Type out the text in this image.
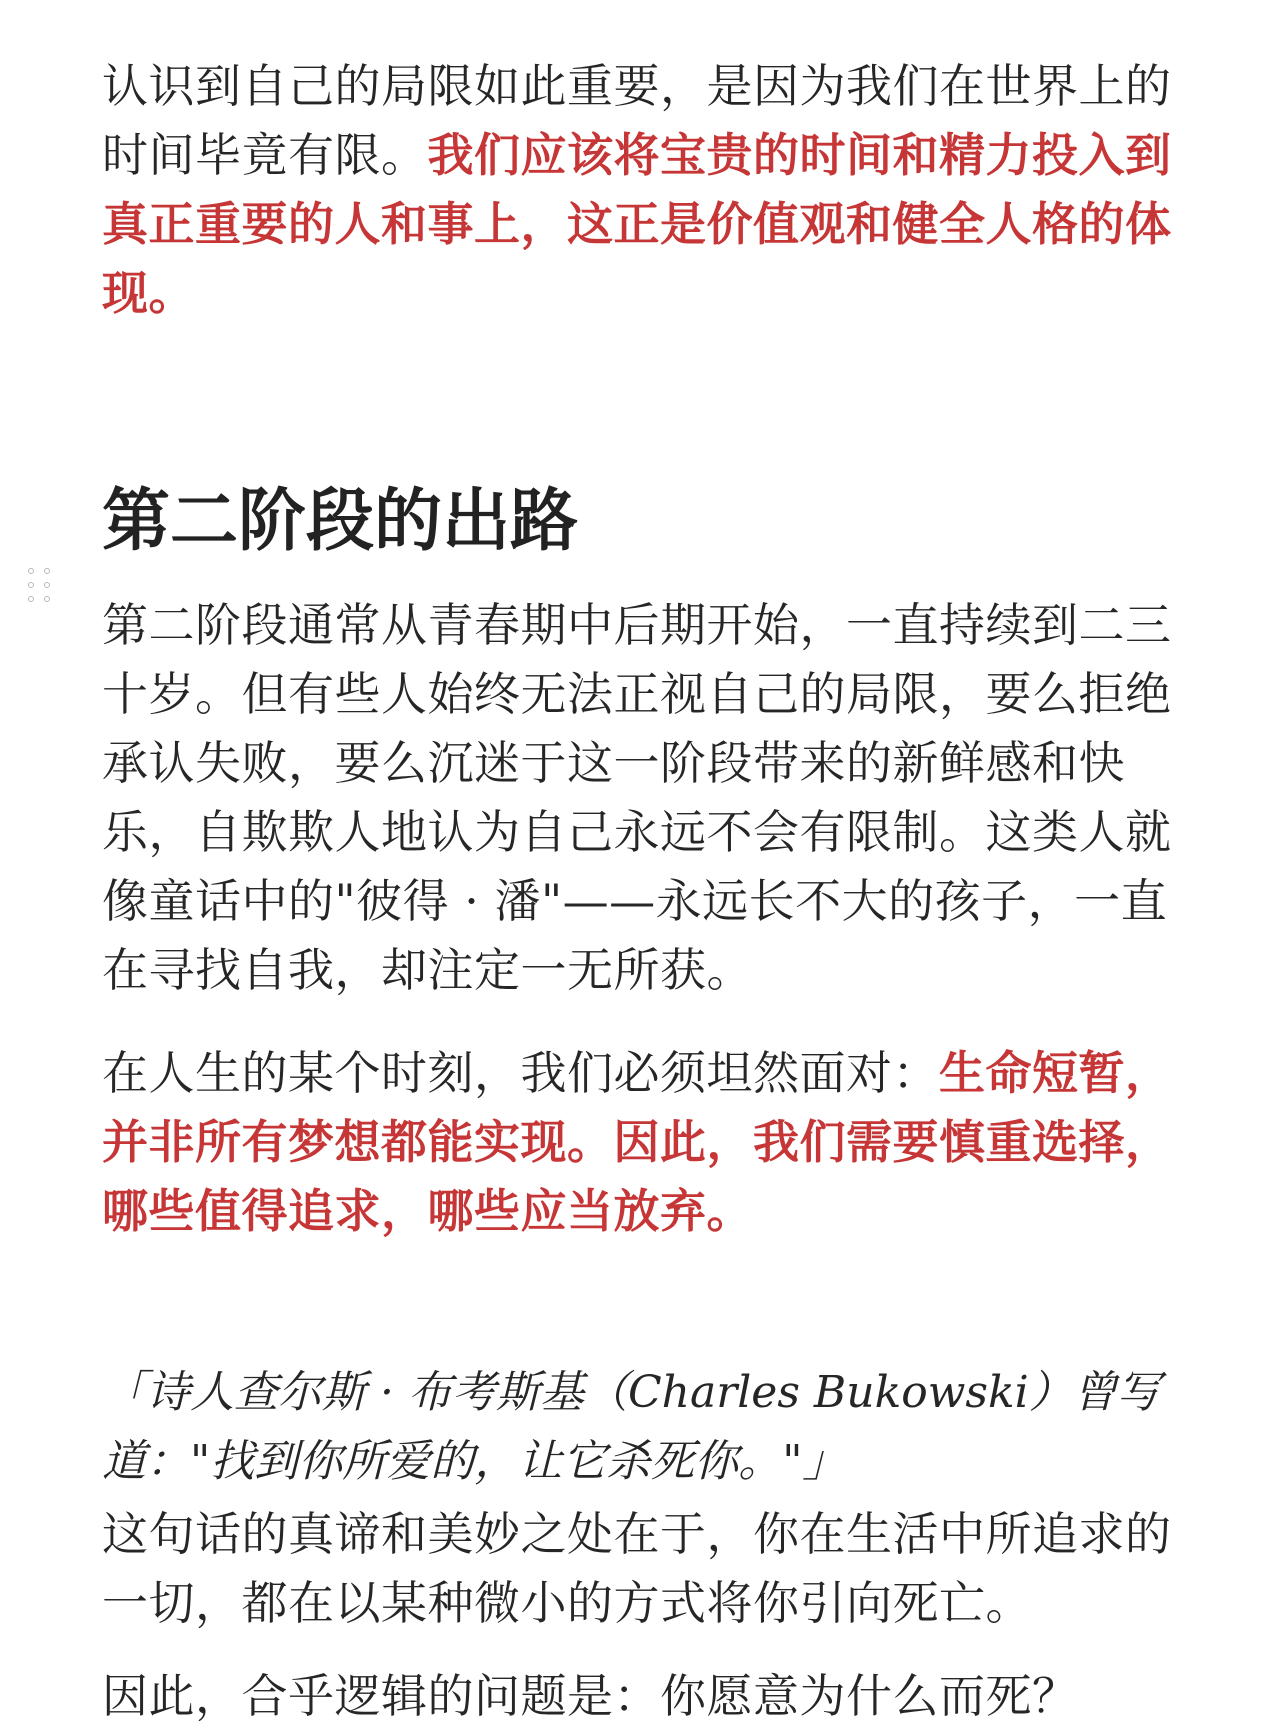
认识到自己的局限如此重要，是因为我们在世界上的时间毕竟有限。我们应该将宝贵的时间和精力投入到真正重要的人和事上，这正是价值观和健全人格的体现。

第二阶段的出路

第二阶段通常从青春期中后期开始，一直持续到二三十岁。但有些人始终无法正视自己的局限，要么拒绝承认失败，要么沉迷于这一阶段带来的新鲜感和快乐，自欺欺人地认为自己永远不会有限制。这类人就像童话中的"彼得 · 潘"——永远长不大的孩子，一直在寻找自我，却注定一无所获。

在人生的某个时刻，我们必须坦然面对：生命短暂，并非所有梦想都能实现。因此，我们需要慎重选择，哪些值得追求，哪些应当放弃。

「诗人查尔斯 · 布考斯基（Charles Bukowski）曾写道："找到你所爱的，让它杀死你。"」

这句话的真谛和美妙之处在于，你在生活中所追求的一切，都在以某种微小的方式将你引向死亡。

因此，合乎逻辑的问题是：你愿意为什么而死？
